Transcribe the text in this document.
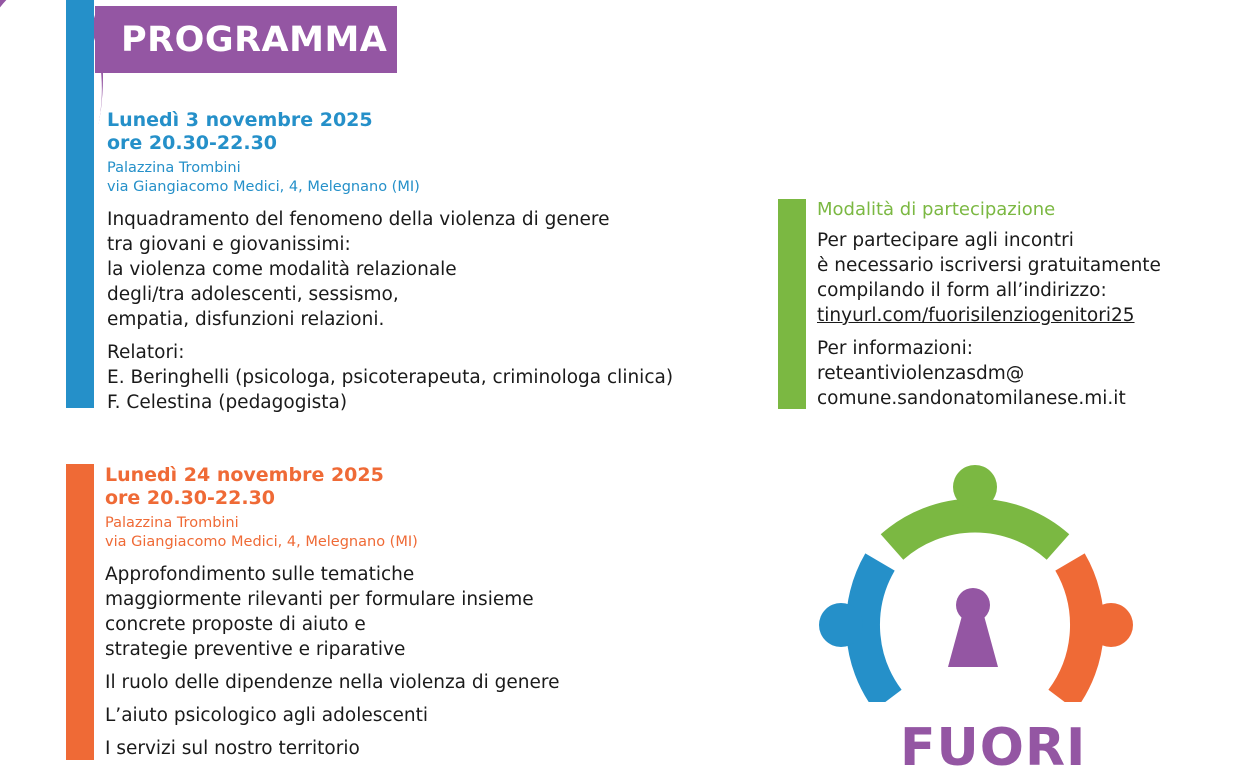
PROGRAMMA
Lunedì 3 novembre 2025
ore 20.30-22.30
Palazzina Trombini
via Giangiacomo Medici, 4, Melegnano (MI)
Inquadramento del fenomeno della violenza di genere
tra giovani e giovanissimi:
la violenza come modalità relazionale
degli/tra adolescenti, sessismo,
empatia, disfunzioni relazioni.
Relatori:
E. Beringhelli (psicologa, psicoterapeuta, criminologa clinica)
F. Celestina (pedagogista)
Lunedì 24 novembre 2025
ore 20.30-22.30
Palazzina Trombini
via Giangiacomo Medici, 4, Melegnano (MI)
Approfondimento sulle tematiche
maggiormente rilevanti per formulare insieme
concrete proposte di aiuto e
strategie preventive e riparative
Il ruolo delle dipendenze nella violenza di genere
L’aiuto psicologico agli adolescenti
I servizi sul nostro territorio
Modalità di partecipazione
Per partecipare agli incontri
è necessario iscriversi gratuitamente
compilando il form all’indirizzo:
tinyurl.com/fuorisilenziogenitori25
Per informazioni:
reteantiviolenzasdm@
comune.sandonatomilanese.mi.it
FUORI
